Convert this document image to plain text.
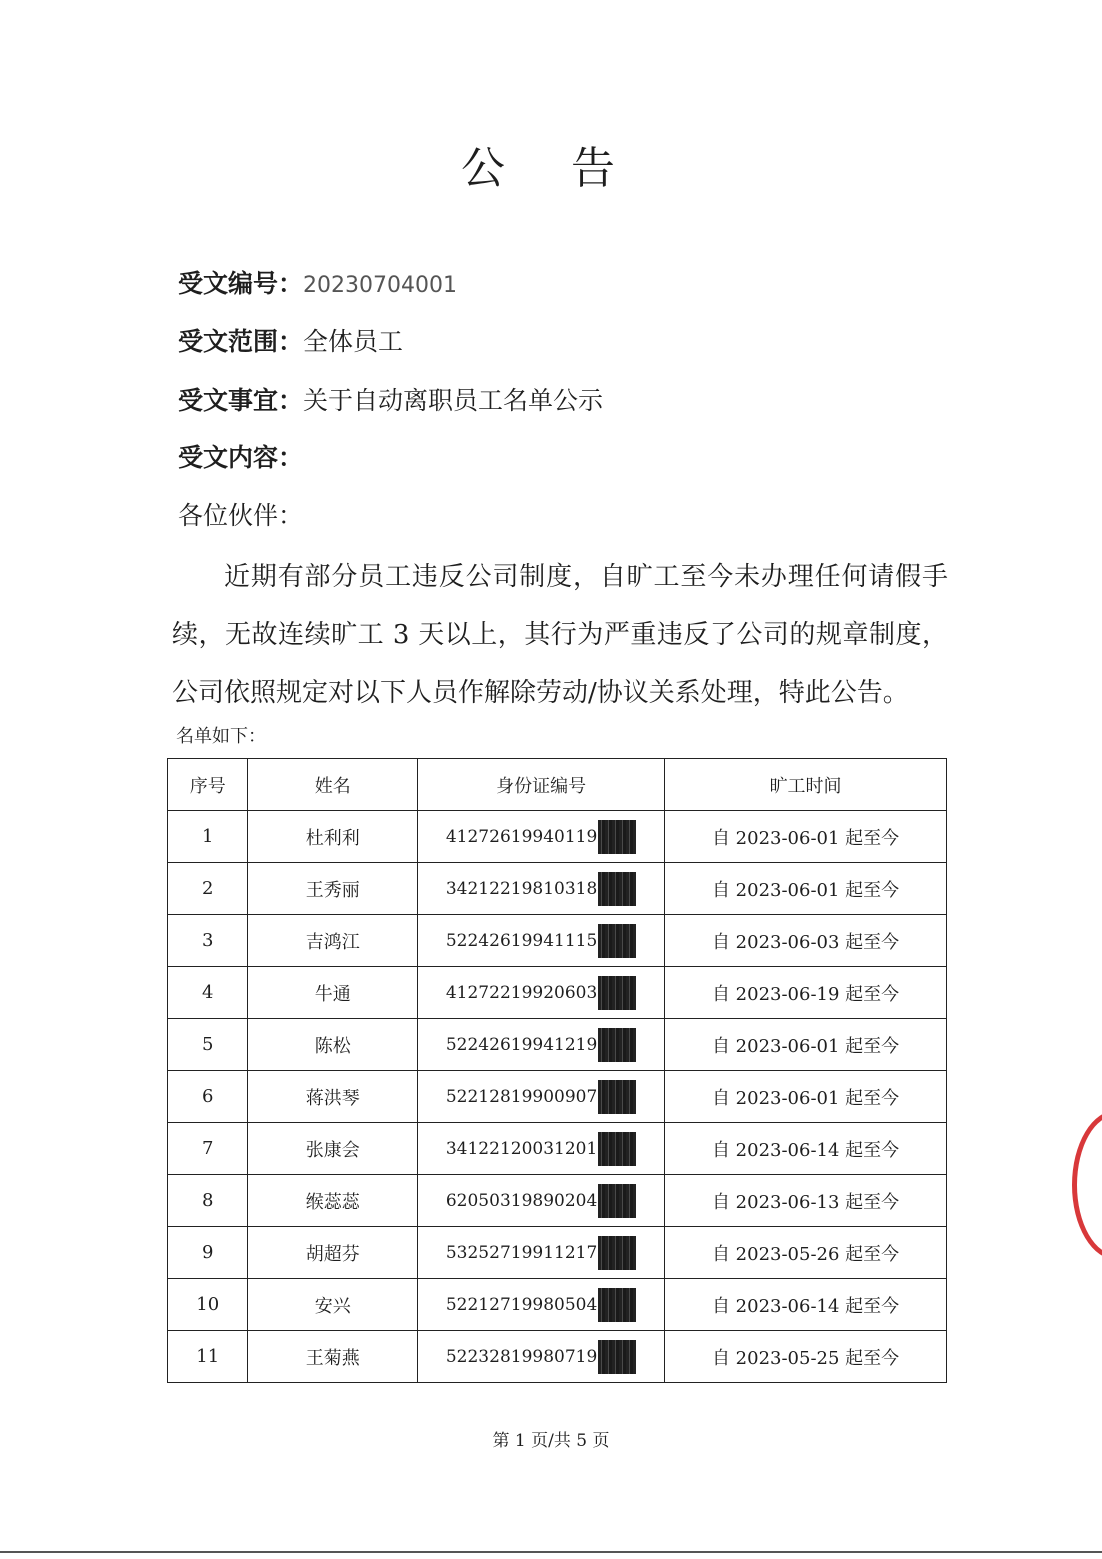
公 告
受文编号：20230704001
受文范围：全体员工
受文事宜：关于自动离职员工名单公示
受文内容：
各位伙伴：
近期有部分员工违反公司制度，自旷工至今未办理任何请假手续，无故连续旷工 3 天以上，其行为严重违反了公司的规章制度，公司依照规定对以下人员作解除劳动/协议关系处理，特此公告。
名单如下：
序号	姓名	身份证编号	旷工时间
1	杜利利	41272619940119	自 2023-06-01 起至今
2	王秀丽	34212219810318	自 2023-06-01 起至今
3	吉鸿江	52242619941115	自 2023-06-03 起至今
4	牛通	41272219920603	自 2023-06-19 起至今
5	陈松	52242619941219	自 2023-06-01 起至今
6	蒋洪琴	52212819900907	自 2023-06-01 起至今
7	张康会	34122120031201	自 2023-06-14 起至今
8	缑蕊蕊	62050319890204	自 2023-06-13 起至今
9	胡超芬	53252719911217	自 2023-05-26 起至今
10	安兴	52212719980504	自 2023-06-14 起至今
11	王菊燕	52232819980719	自 2023-05-25 起至今
第 1 页/共 5 页
